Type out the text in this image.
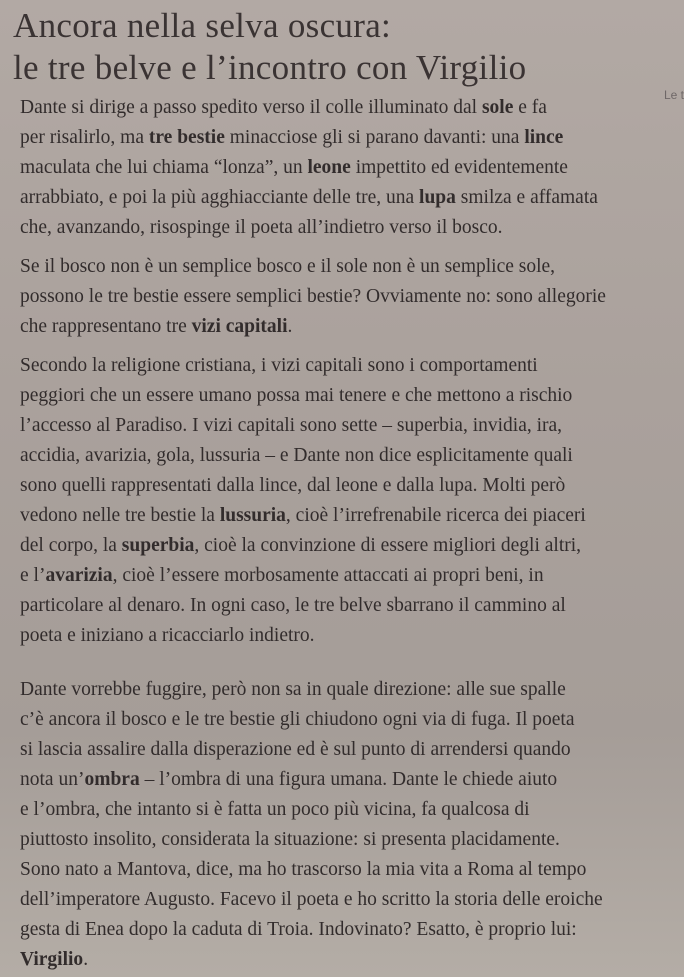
Ancora nella selva oscura:
le tre belve e l’incontro con Virgilio
Le t

Dante si dirige a passo spedito verso il colle illuminato dal sole e fa

per risalirlo, ma tre bestie minacciose gli si parano davanti: una lince

maculata che lui chiama “lonza”, un leone impettito ed evidentemente

arrabbiato, e poi la più agghiacciante delle tre, una lupa smilza e affamata

che, avanzando, risospinge il poeta all’indietro verso il bosco.

Se il bosco non è un semplice bosco e il sole non è un semplice sole,

possono le tre bestie essere semplici bestie? Ovviamente no: sono allegorie

che rappresentano tre vizi capitali.

Secondo la religione cristiana, i vizi capitali sono i comportamenti

peggiori che un essere umano possa mai tenere e che mettono a rischio

l’accesso al Paradiso. I vizi capitali sono sette – superbia, invidia, ira,

accidia, avarizia, gola, lussuria – e Dante non dice esplicitamente quali

sono quelli rappresentati dalla lince, dal leone e dalla lupa. Molti però

vedono nelle tre bestie la lussuria, cioè l’irrefrenabile ricerca dei piaceri

del corpo, la superbia, cioè la convinzione di essere migliori degli altri,

e l’avarizia, cioè l’essere morbosamente attaccati ai propri beni, in

particolare al denaro. In ogni caso, le tre belve sbarrano il cammino al

poeta e iniziano a ricacciarlo indietro.

Dante vorrebbe fuggire, però non sa in quale direzione: alle sue spalle

c’è ancora il bosco e le tre bestie gli chiudono ogni via di fuga. Il poeta

si lascia assalire dalla disperazione ed è sul punto di arrendersi quando

nota un’ombra – l’ombra di una figura umana. Dante le chiede aiuto

e l’ombra, che intanto si è fatta un poco più vicina, fa qualcosa di

piuttosto insolito, considerata la situazione: si presenta placidamente.

Sono nato a Mantova, dice, ma ho trascorso la mia vita a Roma al tempo

dell’imperatore Augusto. Facevo il poeta e ho scritto la storia delle eroiche

gesta di Enea dopo la caduta di Troia. Indovinato? Esatto, è proprio lui:

Virgilio.
